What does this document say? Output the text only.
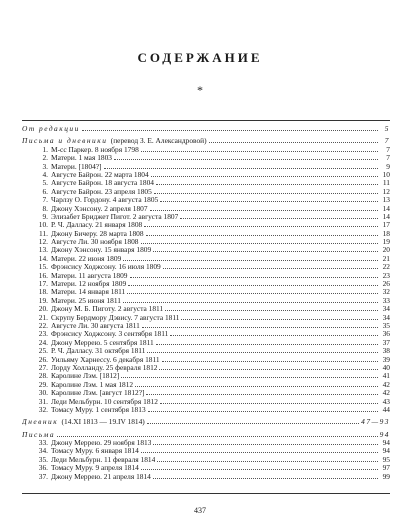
СОДЕРЖАНИЕ
*
От редакции	5
Письма и дневники (перевод З. Е. Александровой)	7
1. М-сс Паркер. 8 ноября 1798	7
2. Матери. 1 мая 1803	7
3. Матери. [1804?]	9
4. Августе Байрон. 22 марта 1804	10
5. Августе Байрон. 18 августа 1804	11
6. Августе Байрон. 23 апреля 1805	12
7. Чарлзу О. Гордону. 4 августа 1805	13
8. Джону Хэнсону. 2 апреля 1807	14
9. Элизабет Бриджет Пигот. 2 августа 1807	14
10. Р. Ч. Далласу. 21 января 1808	17
11. Джону Бичеру. 28 марта 1808	18
12. Августе Ли. 30 ноября 1808	19
13. Джону Хэнсону. 15 января 1809	20
14. Матери. 22 июня 1809	21
15. Фрэнсису Ходжсону. 16 июля 1809	22
16. Матери. 11 августа 1809	23
17. Матери. 12 ноября 1809	26
18. Матери. 14 января 1811	32
19. Матери. 25 июня 1811	33
20. Джону М. Б. Пиготу. 2 августа 1811	34
21. Скрупу Бердмору Дэвису. 7 августа 1811	34
22. Августе Ли. 30 августа 1811	35
23. Фрэнсису Ходжсону. 3 сентября 1811	36
24. Джону Меррею. 5 сентября 1811	37
25. Р. Ч. Далласу. 31 октября 1811	38
26. Уильяму Харнессу. 6 декабря 1811	39
27. Лорду Холланду. 25 февраля 1812	40
28. Каролине Лэм. [1812]	41
29. Каролине Лэм. 1 мая 1812	42
30. Каролине Лэм. [август 1812?]	42
31. Леди Мельбурн. 10 сентября 1812	43
32. Томасу Муру. 1 сентября 1813	44
Дневник (14.XI 1813 — 19.IV 1814)	47—93
Письма	94
33. Джону Меррею. 29 ноября 1813	94
34. Томасу Муру. 6 января 1814	94
35. Леди Мельбурн. 11 февраля 1814	95
36. Томасу Муру. 9 апреля 1814	97
37. Джону Меррею. 21 апреля 1814	99
437
